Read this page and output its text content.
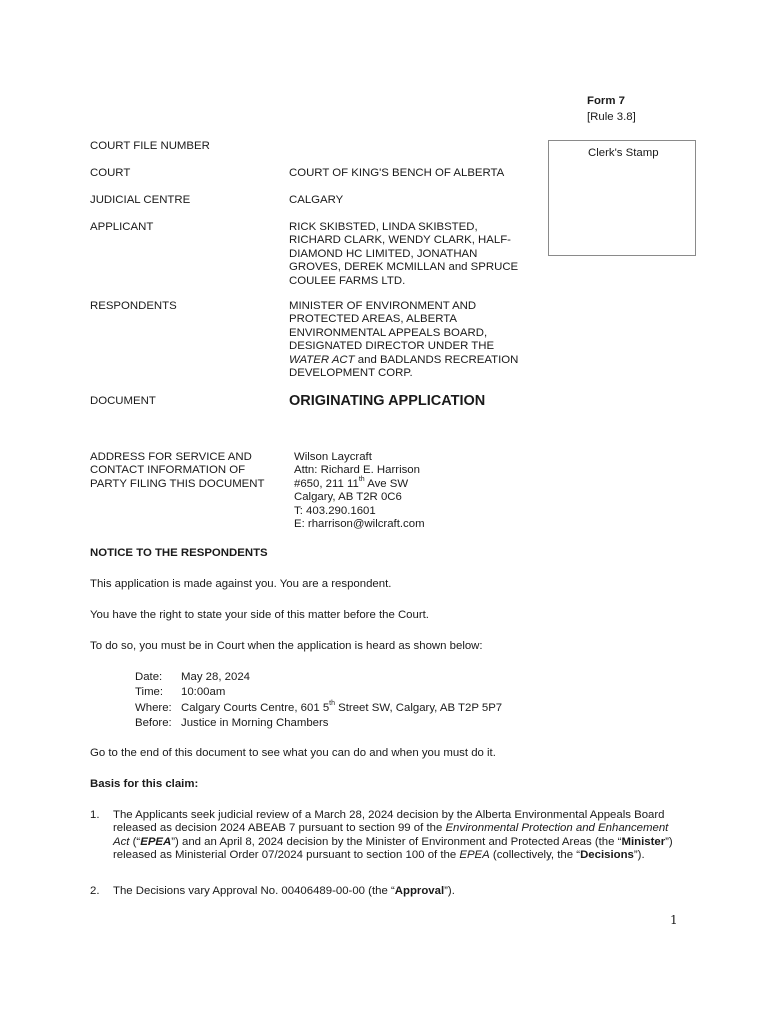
Form 7
[Rule 3.8]
Clerk's Stamp
COURT FILE NUMBER
COURT	COURT OF KING'S BENCH OF ALBERTA
JUDICIAL CENTRE	CALGARY
APPLICANT	RICK SKIBSTED, LINDA SKIBSTED,
RICHARD CLARK, WENDY CLARK, HALF-
DIAMOND HC LIMITED, JONATHAN
GROVES, DEREK MCMILLAN and SPRUCE
COULEE FARMS LTD.
RESPONDENTS	MINISTER OF ENVIRONMENT AND
PROTECTED AREAS, ALBERTA
ENVIRONMENTAL APPEALS BOARD,
DESIGNATED DIRECTOR UNDER THE
WATER ACT and BADLANDS RECREATION
DEVELOPMENT CORP.
DOCUMENT	ORIGINATING APPLICATION
ADDRESS FOR SERVICE AND
CONTACT INFORMATION OF
PARTY FILING THIS DOCUMENT
Wilson Laycraft
Attn: Richard E. Harrison
#650, 211 11th Ave SW
Calgary, AB T2R 0C6
T: 403.290.1601
E: rharrison@wilcraft.com
NOTICE TO THE RESPONDENTS
This application is made against you. You are a respondent.
You have the right to state your side of this matter before the Court.
To do so, you must be in Court when the application is heard as shown below:
Date:	May 28, 2024
Time:	10:00am
Where: Calgary Courts Centre, 601 5th Street SW, Calgary, AB T2P 5P7
Before: Justice in Morning Chambers
Go to the end of this document to see what you can do and when you must do it.
Basis for this claim:
1. The Applicants seek judicial review of a March 28, 2024 decision by the Alberta Environmental Appeals Board
released as decision 2024 ABEAB 7 pursuant to section 99 of the Environmental Protection and Enhancement
Act (“EPEA”) and an April 8, 2024 decision by the Minister of Environment and Protected Areas (the “Minister”)
released as Ministerial Order 07/2024 pursuant to section 100 of the EPEA (collectively, the “Decisions”).
2. The Decisions vary Approval No. 00406489-00-00 (the “Approval”).
1
